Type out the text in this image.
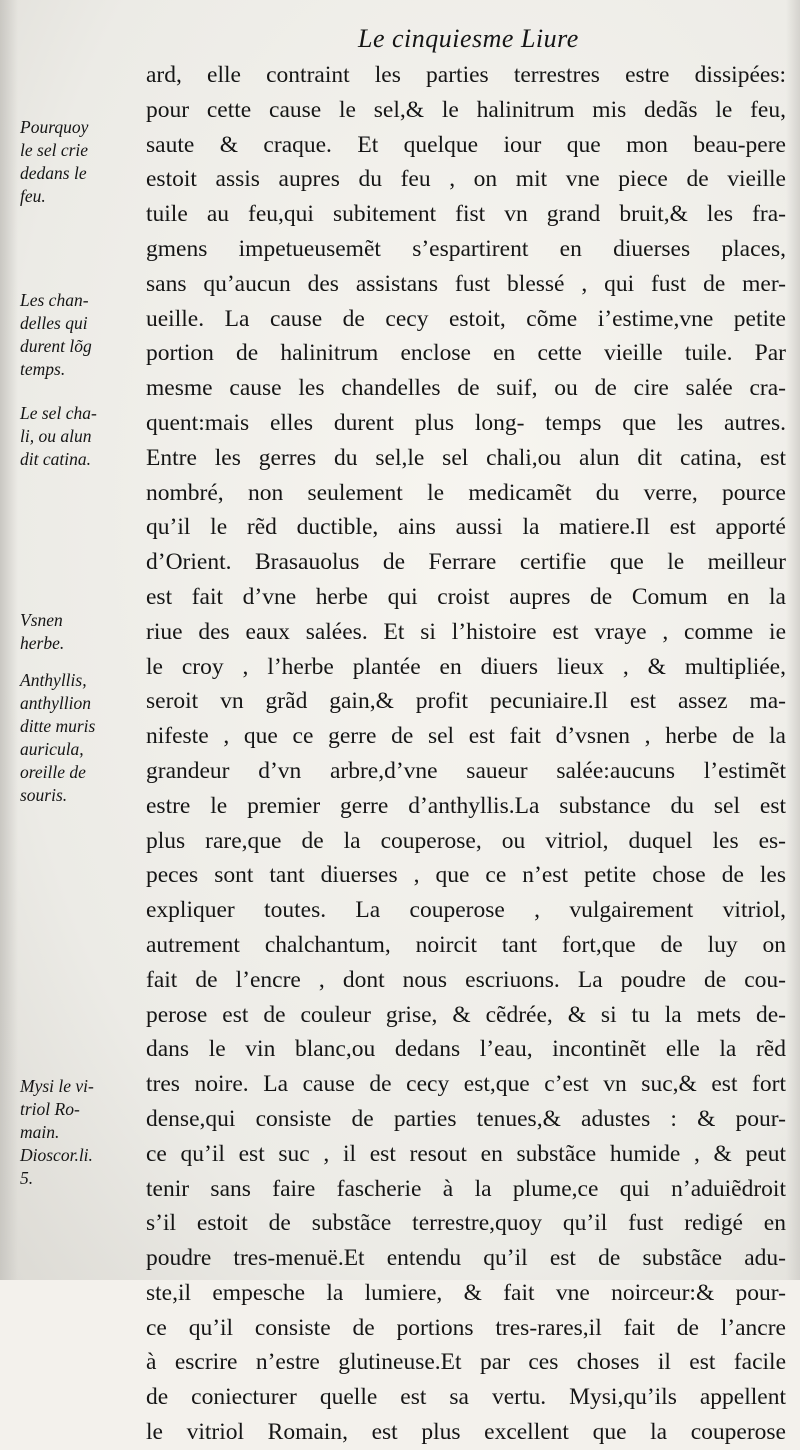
Le cinquiesme Liure
ard, elle contraint les parties terrestres estre dissipées:
pour cette cause le sel,& le halinitrum mis dedãs le feu,
saute & craque. Et quelque iour que mon beau-pere
estoit assis aupres du feu , on mit vne piece de vieille
tuile au feu,qui subitement fist vn grand bruit,& les fra-
gmens impetueusemẽt s’espartirent en diuerses places,
sans qu’aucun des assistans fust blessé , qui fust de mer-
ueille. La cause de cecy estoit, cõme i’estime,vne petite
portion de halinitrum enclose en cette vieille tuile. Par
mesme cause les chandelles de suif, ou de cire salée cra-
quent:mais elles durent plus long- temps que les autres.
Entre les gerres du sel,le sel chali,ou alun dit catina, est
nombré, non seulement le medicamẽt du verre, pource
qu’il le rẽd ductible, ains aussi la matiere.Il est apporté
d’Orient. Brasauolus de Ferrare certifie que le meilleur
est fait d’vne herbe qui croist aupres de Comum en la
riue des eaux salées. Et si l’histoire est vraye , comme ie
le croy , l’herbe plantée en diuers lieux , & multipliée,
seroit vn grãd gain,& profit pecuniaire.Il est assez ma-
nifeste , que ce gerre de sel est fait d’vsnen , herbe de la
grandeur d’vn arbre,d’vne saueur salée:aucuns l’estimẽt
estre le premier gerre d’anthyllis.La substance du sel est
plus rare,que de la couperose, ou vitriol, duquel les es-
peces sont tant diuerses , que ce n’est petite chose de les
expliquer toutes. La couperose , vulgairement vitriol,
autrement chalchantum, noircit tant fort,que de luy on
fait de l’encre , dont nous escriuons. La poudre de cou-
perose est de couleur grise, & cẽdrée, & si tu la mets de-
dans le vin blanc,ou dedans l’eau, incontinẽt elle la rẽd
tres noire. La cause de cecy est,que c’est vn suc,& est fort
dense,qui consiste de parties tenues,& adustes : & pour-
ce qu’il est suc , il est resout en substãce humide , & peut
tenir sans faire fascherie à la plume,ce qui n’aduiẽdroit
s’il estoit de substãce terrestre,quoy qu’il fust redigé en
poudre tres-menuë.Et entendu qu’il est de substãce adu-
ste,il empesche la lumiere, & fait vne noirceur:& pour-
ce qu’il consiste de portions tres-rares,il fait de l’ancre
à escrire n’estre glutineuse.Et par ces choses il est facile
de coniecturer quelle est sa vertu. Mysi,qu’ils appellent
le vitriol Romain, est plus excellent que la couperose
Pourquoy
le sel crie
dedans le
feu.
Les chan-
delles qui
durent lõg
temps.
Le sel cha-
li, ou alun
dit catina.
Vsnen
herbe.
Anthyllis,
anthyllion
ditte muris
auricula,
oreille de
souris.
Mysi le vi-
triol Ro-
main.
Dioscor.li.
5.
